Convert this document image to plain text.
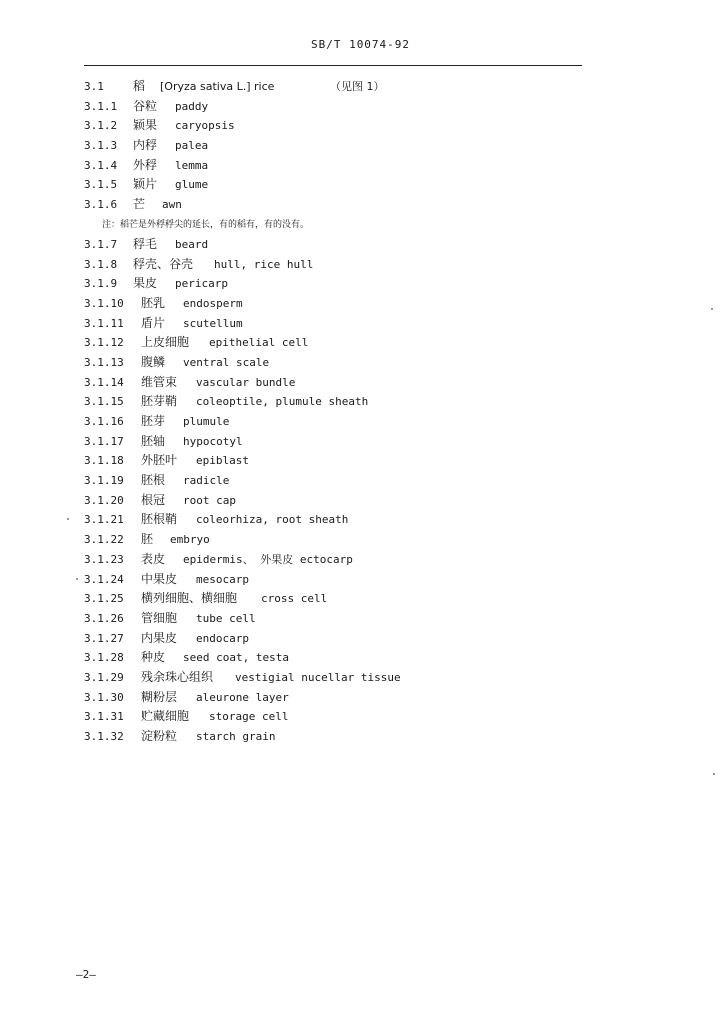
SB/T 10074-92
3.1 稻 [Oryza sativa L.] rice	（见图 1）
3.1.1 谷粒 paddy
3.1.2 颖果 caryopsis
3.1.3 内稃 palea
3.1.4 外稃 lemma
3.1.5 颖片 glume
3.1.6 芒 awn
注：稻芒是外稃稃尖的延长，有的稻有，有的没有。
3.1.7 稃毛 beard
3.1.8 稃壳、谷壳 hull, rice hull
3.1.9 果皮 pericarp
3.1.10 胚乳 endosperm
3.1.11 盾片 scutellum
3.1.12 上皮细胞 epithelial cell
3.1.13 腹鳞 ventral scale
3.1.14 维管束 vascular bundle
3.1.15 胚芽鞘 coleoptile, plumule sheath
3.1.16 胚芽 plumule
3.1.17 胚轴 hypocotyl
3.1.18 外胚叶 epiblast
3.1.19 胚根 radicle
3.1.20 根冠 root cap
3.1.21 胚根鞘 coleorhiza, root sheath
3.1.22 胚 embryo
3.1.23 表皮 epidermis、 外果皮 ectocarp
3.1.24 中果皮 mesocarp
3.1.25 横列细胞、横细胞 cross cell
3.1.26 管细胞 tube cell
3.1.27 内果皮 endocarp
3.1.28 种皮 seed coat, testa
3.1.29 残余珠心组织 vestigial nucellar tissue
3.1.30 糊粉层 aleurone layer
3.1.31 贮藏细胞 storage cell
3.1.32 淀粉粒 starch grain
—2—
